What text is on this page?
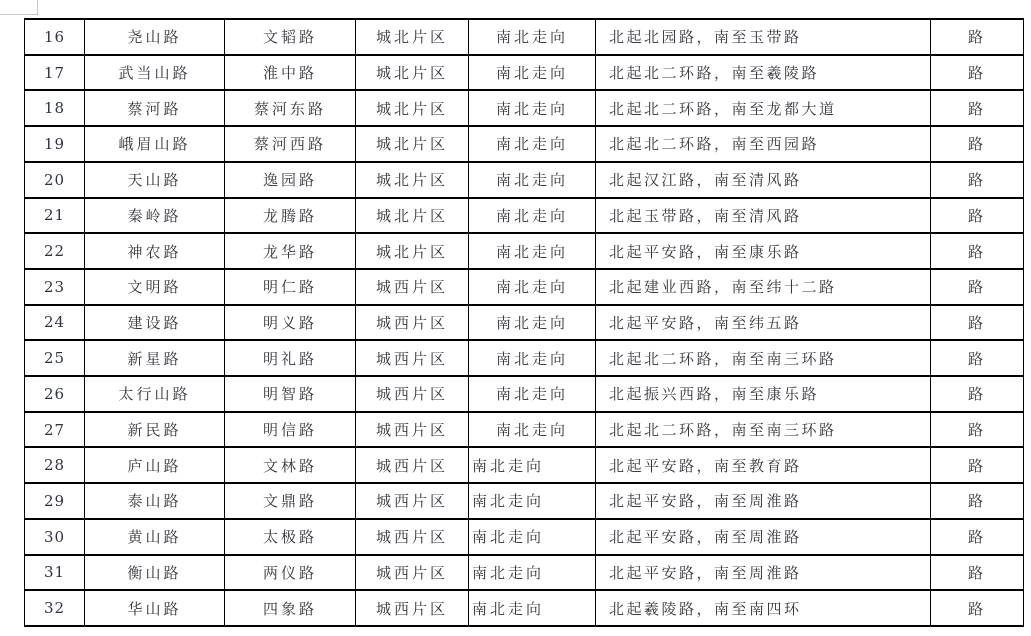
16	尧山路	文韬路	城北片区	南北走向	北起北园路，南至玉带路	路
17	武当山路	淮中路	城北片区	南北走向	北起北二环路，南至羲陵路	路
18	蔡河路	蔡河东路	城北片区	南北走向	北起北二环路，南至龙都大道	路
19	峨眉山路	蔡河西路	城北片区	南北走向	北起北二环路，南至西园路	路
20	天山路	逸园路	城北片区	南北走向	北起汉江路，南至清风路	路
21	秦岭路	龙腾路	城北片区	南北走向	北起玉带路，南至清风路	路
22	神农路	龙华路	城北片区	南北走向	北起平安路，南至康乐路	路
23	文明路	明仁路	城西片区	南北走向	北起建业西路，南至纬十二路	路
24	建设路	明义路	城西片区	南北走向	北起平安路，南至纬五路	路
25	新星路	明礼路	城西片区	南北走向	北起北二环路，南至南三环路	路
26	太行山路	明智路	城西片区	南北走向	北起振兴西路，南至康乐路	路
27	新民路	明信路	城西片区	南北走向	北起北二环路，南至南三环路	路
28	庐山路	文林路	城西片区	南北走向	北起平安路，南至教育路	路
29	泰山路	文鼎路	城西片区	南北走向	北起平安路，南至周淮路	路
30	黄山路	太极路	城西片区	南北走向	北起平安路，南至周淮路	路
31	衡山路	两仪路	城西片区	南北走向	北起平安路，南至周淮路	路
32	华山路	四象路	城西片区	南北走向	北起羲陵路，南至南四环	路
